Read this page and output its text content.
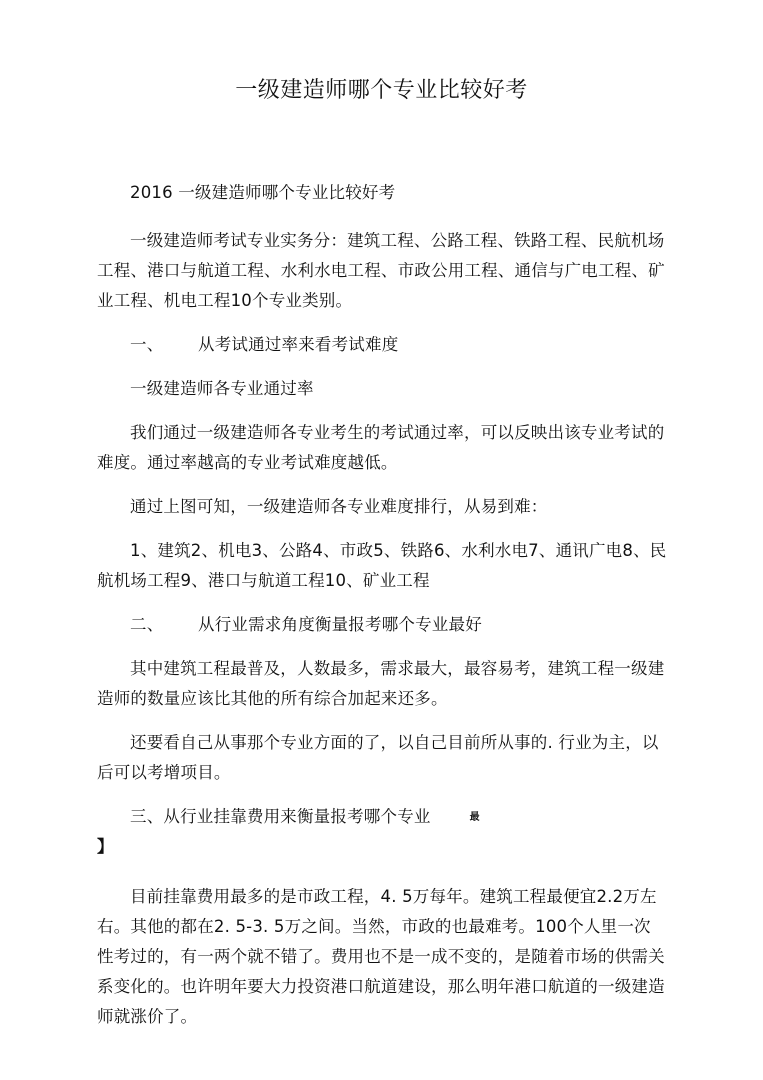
一级建造师哪个专业比较好考

2016 一级建造师哪个专业比较好考

一级建造师考试专业实务分：建筑工程、公路工程、铁路工程、民航机场工程、港口与航道工程、水利水电工程、市政公用工程、通信与广电工程、矿业工程、机电工程10个专业类别。

一、 从考试通过率来看考试难度

一级建造师各专业通过率

我们通过一级建造师各专业考生的考试通过率，可以反映出该专业考试的难度。通过率越高的专业考试难度越低。

通过上图可知，一级建造师各专业难度排行，从易到难：

1、建筑2、机电3、公路4、市政5、铁路6、水利水电7、通讯广电8、民航机场工程9、港口与航道工程10、矿业工程

二、 从行业需求角度衡量报考哪个专业最好

其中建筑工程最普及，人数最多，需求最大，最容易考，建筑工程一级建造师的数量应该比其他的所有综合加起来还多。

还要看自己从事那个专业方面的了，以自己目前所从事的. 行业为主，以后可以考增项目。

三、从行业挂靠费用来衡量报考哪个专业	最
】

目前挂靠费用最多的是市政工程，4. 5万每年。建筑工程最便宜2.2万左右。其他的都在2. 5-3. 5万之间。当然，市政的也最难考。100个人里一次性考过的，有一两个就不错了。费用也不是一成不变的，是随着市场的供需关系变化的。也许明年要大力投资港口航道建设，那么明年港口航道的一级建造师就涨价了。
